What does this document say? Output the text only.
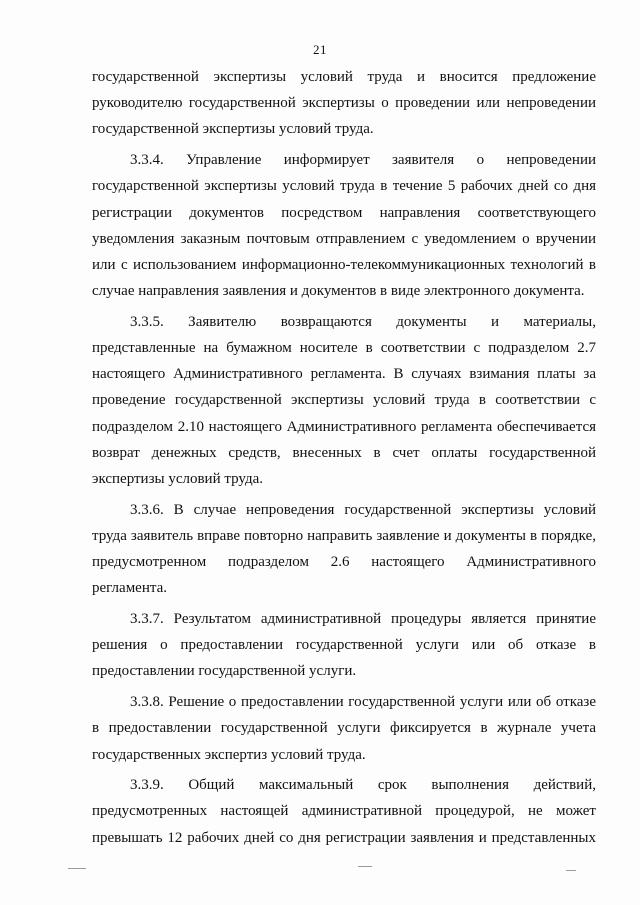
21

государственной экспертизы условий труда и вносится предложение руководителю государственной экспертизы о проведении или непроведении государственной экспертизы условий труда.

3.3.4. Управление информирует заявителя о непроведении государственной экспертизы условий труда в течение 5 рабочих дней со дня регистрации документов посредством направления соответствующего уведомления заказным почтовым отправлением с уведомлением о вручении или с использованием информационно-телекоммуникационных технологий в случае направления заявления и документов в виде электронного документа.

3.3.5. Заявителю возвращаются документы и материалы, представленные на бумажном носителе в соответствии с подразделом 2.7 настоящего Административного регламента. В случаях взимания платы за проведение государственной экспертизы условий труда в соответствии с подразделом 2.10 настоящего Административного регламента обеспечивается возврат денежных средств, внесенных в счет оплаты государственной экспертизы условий труда.

3.3.6. В случае непроведения государственной экспертизы условий труда заявитель вправе повторно направить заявление и документы в порядке, предусмотренном подразделом 2.6 настоящего Административного регламента.

3.3.7. Результатом административной процедуры является принятие решения о предоставлении государственной услуги или об отказе в предоставлении государственной услуги.

3.3.8. Решение о предоставлении государственной услуги или об отказе в предоставлении государственной услуги фиксируется в журнале учета государственных экспертиз условий труда.

3.3.9. Общий максимальный срок выполнения действий, предусмотренных настоящей административной процедурой, не может превышать 12 рабочих дней со дня регистрации заявления и представленных
